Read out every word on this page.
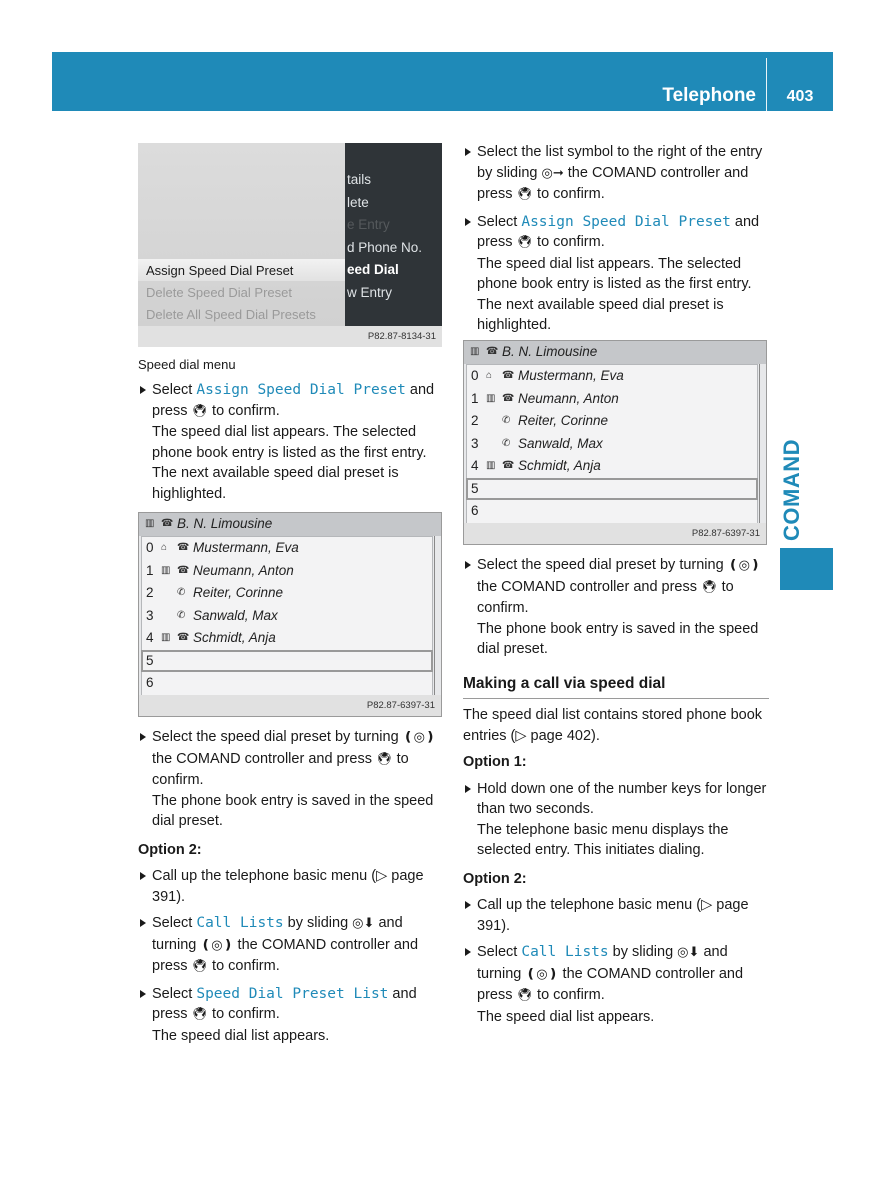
Telephone	403
COMAND
tails
lete
e Entry
d Phone No.
eed Dial
w Entry
Assign Speed Dial Preset
Delete Speed Dial Preset
Delete All Speed Dial Presets
P82.87-8134-31

Speed dial menu

Select Assign Speed Dial Preset and press 🖲 to confirm.

The speed dial list appears. The selected phone book entry is listed as the first entry. The next available speed dial preset is highlighted.

▥ ☎ B. N. Limousine
0 ⌂ ☎ Mustermann, Eva
1 ▥ ☎ Neumann, Anton
2 ✆ Reiter, Corinne
3 ✆ Sanwald, Max
4 ▥ ☎ Schmidt, Anja
5
6
P82.87-6397-31
Select the speed dial preset by turning ❪◎❫ the COMAND controller and press 🖲 to confirm.

The phone book entry is saved in the speed dial preset.

Option 2:

Call up the telephone basic menu (▷ page 391).
Select Call Lists by sliding ◎⬇ and turning ❪◎❫ the COMAND controller and press 🖲 to confirm.
Select Speed Dial Preset List and press 🖲 to confirm.

The speed dial list appears.

Select the list symbol to the right of the entry by sliding ◎➞ the COMAND controller and press 🖲 to confirm.
Select Assign Speed Dial Preset and press 🖲 to confirm.

The speed dial list appears. The selected phone book entry is listed as the first entry. The next available speed dial preset is highlighted.

▥ ☎ B. N. Limousine
0 ⌂ ☎ Mustermann, Eva
1 ▥ ☎ Neumann, Anton
2 ✆ Reiter, Corinne
3 ✆ Sanwald, Max
4 ▥ ☎ Schmidt, Anja
5
6
P82.87-6397-31
Select the speed dial preset by turning ❪◎❫ the COMAND controller and press 🖲 to confirm.

The phone book entry is saved in the speed dial preset.

Making a call via speed dial

The speed dial list contains stored phone book entries (▷ page 402).

Option 1:

Hold down one of the number keys for longer than two seconds.

The telephone basic menu displays the selected entry. This initiates dialing.

Option 2:

Call up the telephone basic menu (▷ page 391).
Select Call Lists by sliding ◎⬇ and turning ❪◎❫ the COMAND controller and press 🖲 to confirm.

The speed dial list appears.
